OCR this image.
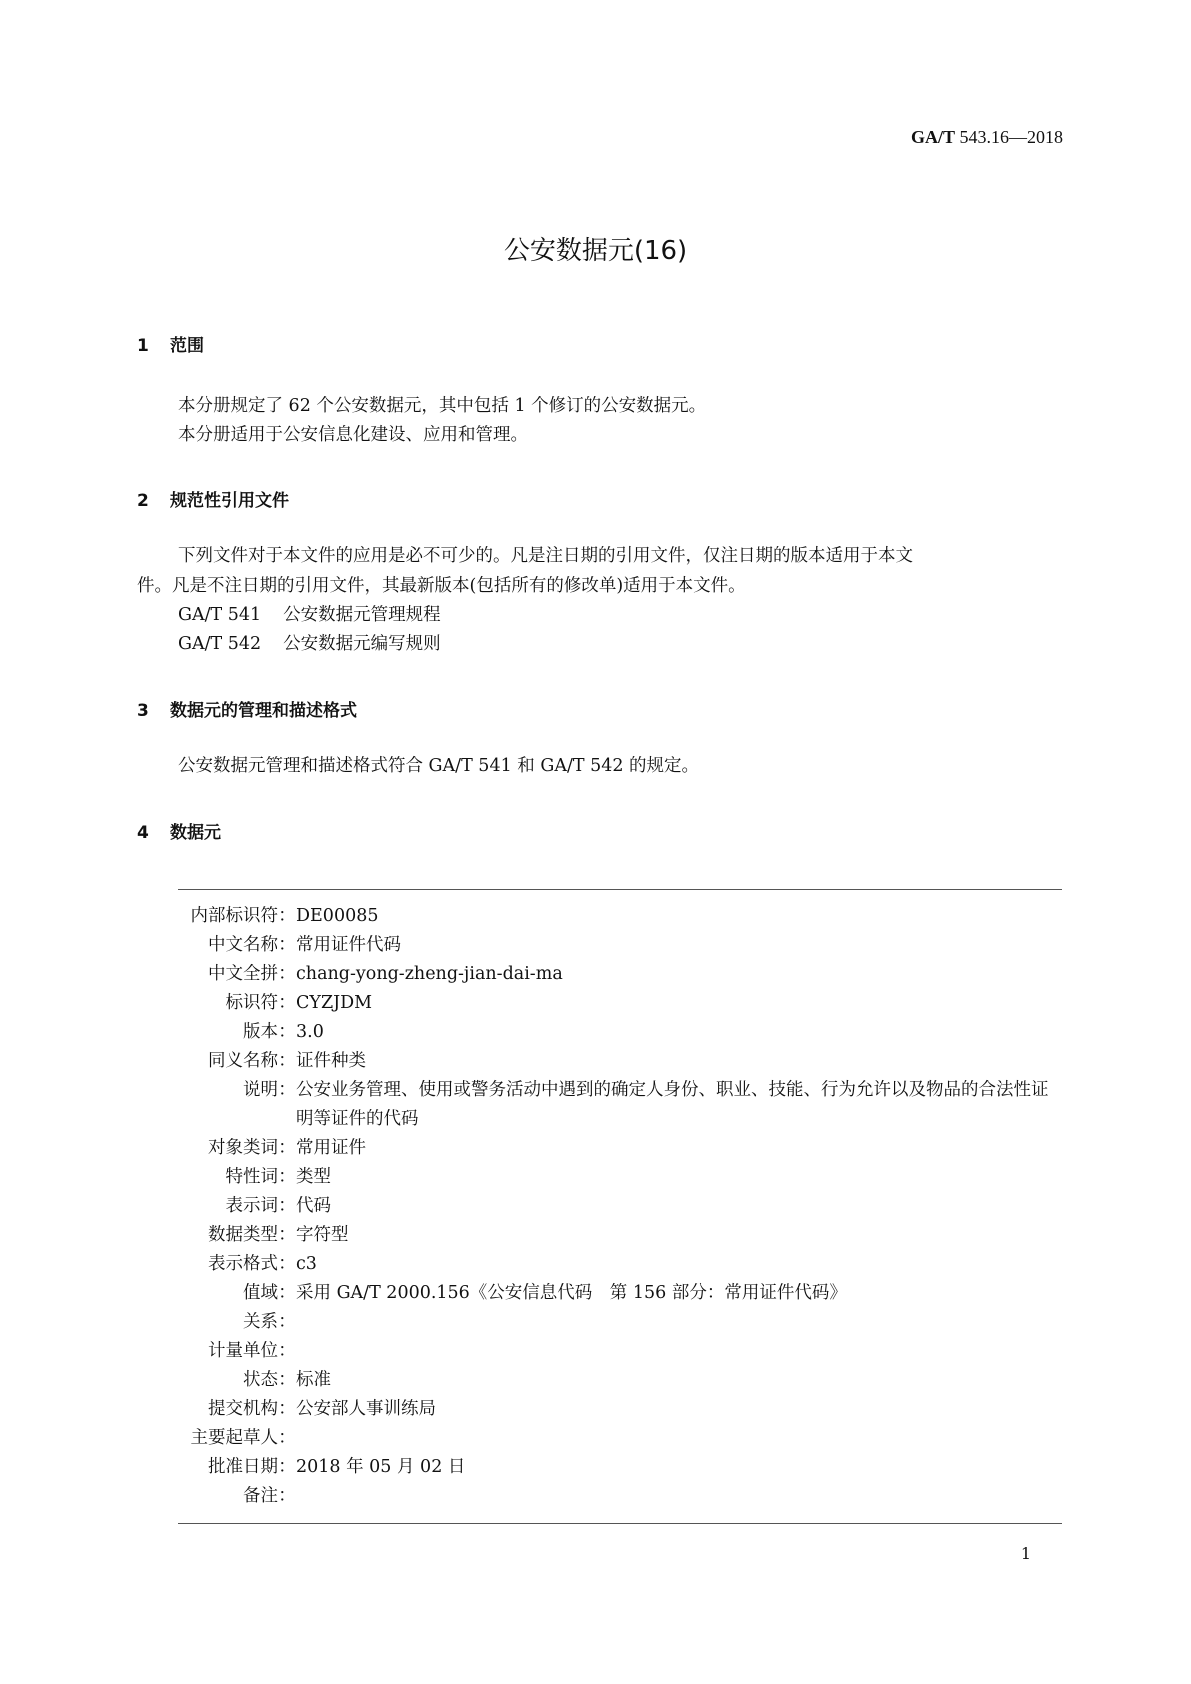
GA/T 543.16—2018
公安数据元(16)
1 范围
本分册规定了 62 个公安数据元，其中包括 1 个修订的公安数据元。
本分册适用于公安信息化建设、应用和管理。
2 规范性引用文件
下列文件对于本文件的应用是必不可少的。凡是注日期的引用文件，仅注日期的版本适用于本文
件。凡是不注日期的引用文件，其最新版本(包括所有的修改单)适用于本文件。
GA/T 541 公安数据元管理规程
GA/T 542 公安数据元编写规则
3 数据元的管理和描述格式
公安数据元管理和描述格式符合 GA/T 541 和 GA/T 542 的规定。
4 数据元
内部标识符 ： DE00085
中文名称 ： 常用证件代码
中文全拼 ： chang-yong-zheng-jian-dai-ma
标识符 ： CYZJDM
版本 ： 3.0
同义名称 ： 证件种类
说明 ： 公安业务管理、使用或警务活动中遇到的确定人身份、职业、技能、行为允许以及物品的合法性证明等证件的代码
对象类词 ： 常用证件
特性词 ： 类型
表示词 ： 代码
数据类型 ： 字符型
表示格式 ： c3
值域 ： 采用 GA/T 2000.156《公安信息代码　第 156 部分：常用证件代码》
关系 ：
计量单位 ：
状态 ： 标准
提交机构 ： 公安部人事训练局
主要起草人 ：
批准日期 ： 2018 年 05 月 02 日
备注 ：
1
